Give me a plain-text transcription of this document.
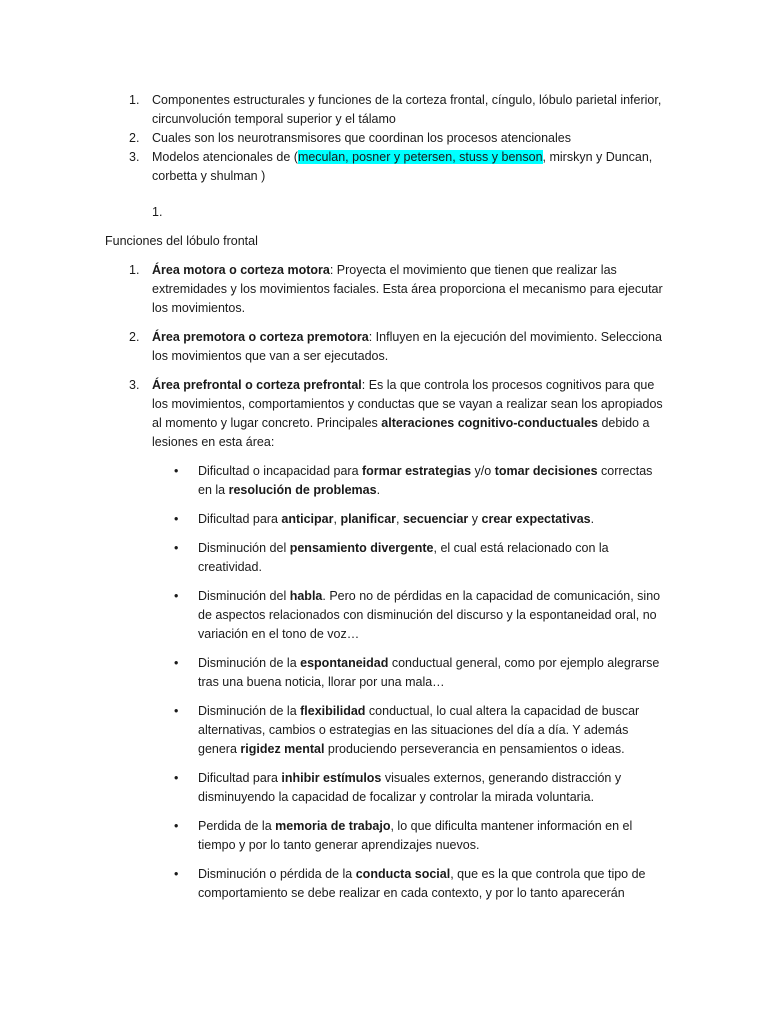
1. Componentes estructurales y funciones de la corteza frontal, cíngulo, lóbulo parietal inferior, circunvolución temporal superior y el tálamo
2. Cuales son los neurotransmisores que coordinan los procesos atencionales
3. Modelos atencionales de (meculan, posner y petersen, stuss y benson, mirskyn y Duncan, corbetta y shulman )
1.
Funciones del lóbulo frontal
1. Área motora o corteza motora: Proyecta el movimiento que tienen que realizar las extremidades y los movimientos faciales. Esta área proporciona el mecanismo para ejecutar los movimientos.
2. Área premotora o corteza premotora: Influyen en la ejecución del movimiento. Selecciona los movimientos que van a ser ejecutados.
3. Área prefrontal o corteza prefrontal: Es la que controla los procesos cognitivos para que los movimientos, comportamientos y conductas que se vayan a realizar sean los apropiados al momento y lugar concreto. Principales alteraciones cognitivo-conductuales debido a lesiones en esta área:
• Dificultad o incapacidad para formar estrategias y/o tomar decisiones correctas en la resolución de problemas.
• Dificultad para anticipar, planificar, secuenciar y crear expectativas.
• Disminución del pensamiento divergente, el cual está relacionado con la creatividad.
• Disminución del habla. Pero no de pérdidas en la capacidad de comunicación, sino de aspectos relacionados con disminución del discurso y la espontaneidad oral, no variación en el tono de voz…
• Disminución de la espontaneidad conductual general, como por ejemplo alegrarse tras una buena noticia, llorar por una mala…
• Disminución de la flexibilidad conductual, lo cual altera la capacidad de buscar alternativas, cambios o estrategias en las situaciones del día a día. Y además genera rigidez mental produciendo perseverancia en pensamientos o ideas.
• Dificultad para inhibir estímulos visuales externos, generando distracción y disminuyendo la capacidad de focalizar y controlar la mirada voluntaria.
• Perdida de la memoria de trabajo, lo que dificulta mantener información en el tiempo y por lo tanto generar aprendizajes nuevos.
• Disminución o pérdida de la conducta social, que es la que controla que tipo de comportamiento se debe realizar en cada contexto, y por lo tanto aparecerán
